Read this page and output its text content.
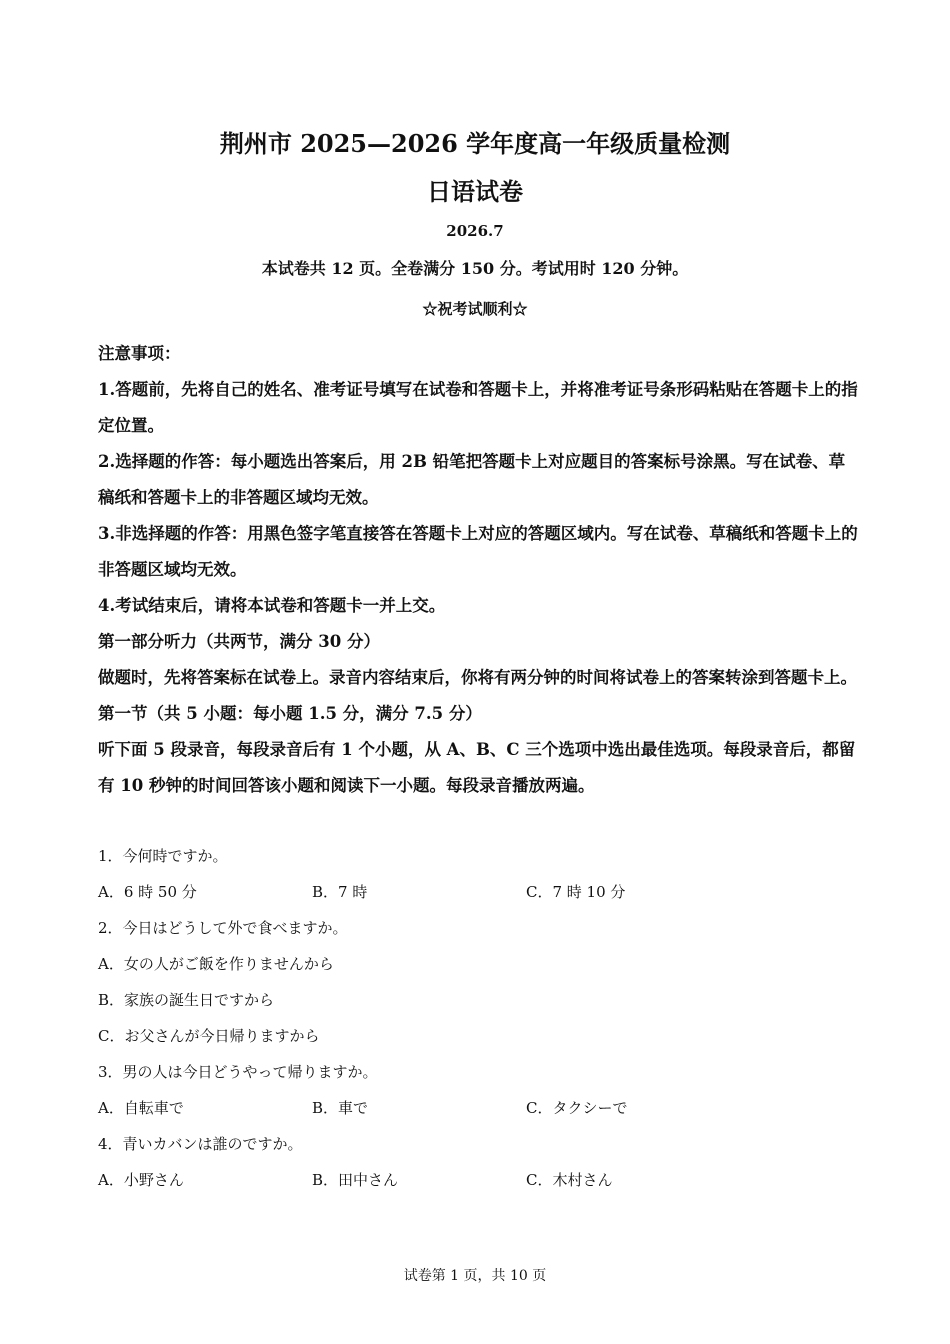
荆州市 2025—2026 学年度高一年级质量检测
日语试卷
2026.7
本试卷共 12 页。全卷满分 150 分。考试用时 120 分钟。
☆祝考试顺利☆

注意事项：

1.答题前，先将自己的姓名、准考证号填写在试卷和答题卡上，并将准考证号条形码粘贴在答题卡上的指定位置。

2.选择题的作答：每小题选出答案后，用 2B 铅笔把答题卡上对应题目的答案标号涂黑。写在试卷、草稿纸和答题卡上的非答题区域均无效。

3.非选择题的作答：用黑色签字笔直接答在答题卡上对应的答题区域内。写在试卷、草稿纸和答题卡上的非答题区域均无效。

4.考试结束后，请将本试卷和答题卡一并上交。

第一部分听力（共两节，满分 30 分）

做题时，先将答案标在试卷上。录音内容结束后，你将有两分钟的时间将试卷上的答案转涂到答题卡上。

第一节（共 5 小题：每小题 1.5 分，满分 7.5 分）

听下面 5 段录音，每段录音后有 1 个小题，从 A、B、C 三个选项中选出最佳选项。每段录音后，都留有 10 秒钟的时间回答该小题和阅读下一小题。每段录音播放两遍。

1．今何時ですか。

A．6 時 50 分	B．7 時	C．7 時 10 分

2．今日はどうして外で食べますか。

A．女の人がご飯を作りませんから

B．家族の誕生日ですから

C．お父さんが今日帰りますから

3．男の人は今日どうやって帰りますか。

A．自転車で	B．車で	C．タクシーで

4．青いカバンは誰のですか。

A．小野さん	B．田中さん	C．木村さん
试卷第 1 页，共 10 页
